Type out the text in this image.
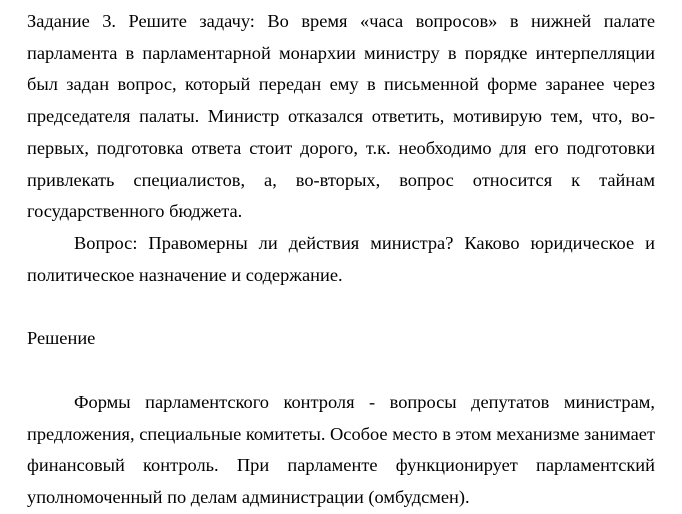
Задание 3. Решите задачу: Во время «часа вопросов» в нижней палате парламента в парламентарной монархии министру в порядке интерпелляции был задан вопрос, который передан ему в письменной форме заранее через председателя палаты. Министр отказался ответить, мотивирую тем, что, во-первых, подготовка ответа стоит дорого, т.к. необходимо для его подготовки привлекать специалистов, а, во-вторых, вопрос относится к тайнам государственного бюджета.

Вопрос: Правомерны ли действия министра? Каково юридическое и политическое назначение и содержание.

Решение

Формы парламентского контроля - вопросы депутатов министрам, предложения, специальные комитеты. Особое место в этом механизме занимает финансовый контроль. При парламенте функционирует парламентский уполномоченный по делам администрации (омбудсмен).
